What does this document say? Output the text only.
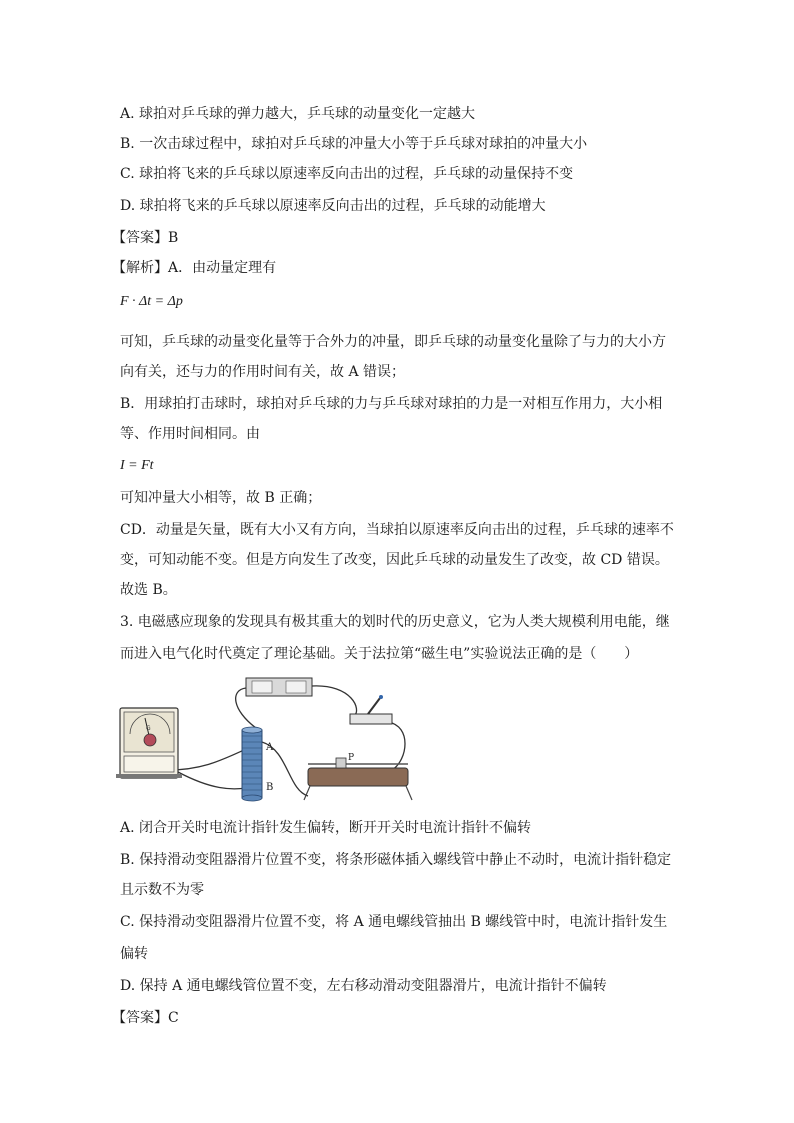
A. 球拍对乒乓球的弹力越大，乒乓球的动量变化一定越大
B. 一次击球过程中，球拍对乒乓球的冲量大小等于乒乓球对球拍的冲量大小
C. 球拍将飞来的乒乓球以原速率反向击出的过程，乒乓球的动量保持不变
D. 球拍将飞来的乒乓球以原速率反向击出的过程，乒乓球的动能增大
【答案】B
【解析】A．由动量定理有
F · Δt = Δp
可知，乒乓球的动量变化量等于合外力的冲量，即乒乓球的动量变化量除了与力的大小方
向有关，还与力的作用时间有关，故 A 错误；
B．用球拍打击球时，球拍对乒乓球的力与乒乓球对球拍的力是一对相互作用力，大小相
等、作用时间相同。由
I = Ft
可知冲量大小相等，故 B 正确；
CD．动量是矢量，既有大小又有方向，当球拍以原速率反向击出的过程，乒乓球的速率不
变，可知动能不变。但是方向发生了改变，因此乒乓球的动量发生了改变，故 CD 错误。
故选 B。
3. 电磁感应现象的发现具有极其重大的划时代的历史意义，它为人类大规模利用电能，继
而进入电气化时代奠定了理论基础。关于法拉第“磁生电”实验说法正确的是（　　）
G
A
B
P
A. 闭合开关时电流计指针发生偏转，断开开关时电流计指针不偏转
B. 保持滑动变阻器滑片位置不变，将条形磁体插入螺线管中静止不动时，电流计指针稳定
且示数不为零
C. 保持滑动变阻器滑片位置不变，将 A 通电螺线管抽出 B 螺线管中时，电流计指针发生
偏转
D. 保持 A 通电螺线管位置不变，左右移动滑动变阻器滑片，电流计指针不偏转
【答案】C
